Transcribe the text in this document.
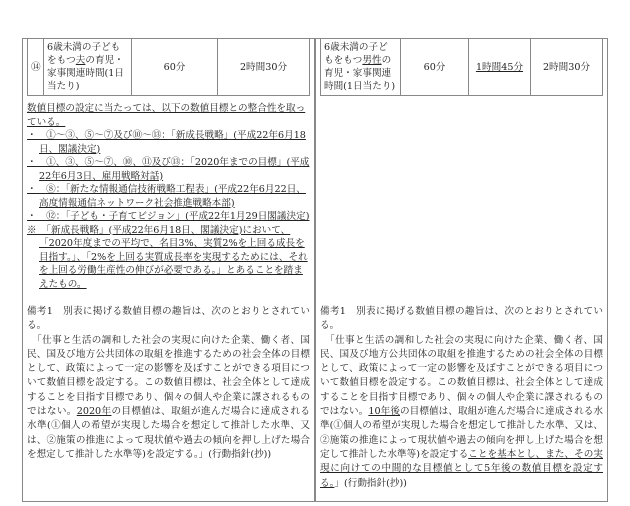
⑭	6歳未満の子どもをもつ夫の育児・家事関連時間(1日当たり)	60分	2時間30分

数値目標の設定に当たっては、以下の数値目標との整合性を取っている。

・　①～③、⑤～⑦及び⑩～⑬：「新成長戦略」(平成22年6月18日、閣議決定)

・　①、③、⑤～⑦、⑩、⑪及び⑬：「2020年までの目標」(平成22年6月3日、雇用戦略対話)

・　⑧：「新たな情報通信技術戦略工程表」(平成22年6月22日、高度情報通信ネットワーク社会推進戦略本部)

・　⑫：「子ども・子育てビジョン」(平成22年1月29日閣議決定)

※　「新成長戦略」(平成22年6月18日、閣議決定)において、「2020年度までの平均で、名目3%、実質2%を上回る成長を目指す。」、「2%を上回る実質成長率を実現するためには、それを上回る労働生産性の伸びが必要である。」とあることを踏まえたもの。

備考1　別表に掲げる数値目標の趣旨は、次のとおりとされている。

　「仕事と生活の調和した社会の実現に向けた企業、働く者、国民、国及び地方公共団体の取組を推進するための社会全体の目標として、政策によって一定の影響を及ぼすことができる項目について数値目標を設定する。この数値目標は、社会全体として達成することを目指す目標であり、個々の個人や企業に課されるものではない。2020年の目標値は、取組が進んだ場合に達成される水準(①個人の希望が実現した場合を想定して推計した水準、又は、②施策の推進によって現状値や過去の傾向を押し上げた場合を想定して推計した水準等)を設定する。」(行動指針(抄))

6歳未満の子どもをもつ男性の育児・家事関連時間(1日当たり)	60分	1時間45分	2時間30分

備考1　別表に掲げる数値目標の趣旨は、次のとおりとされている。

　「仕事と生活の調和した社会の実現に向けた企業、働く者、国民、国及び地方公共団体の取組を推進するための社会全体の目標として、政策によって一定の影響を及ぼすことができる項目について数値目標を設定する。この数値目標は、社会全体として達成することを目指す目標であり、個々の個人や企業に課されるものではない。10年後の目標値は、取組が進んだ場合に達成される水準(①個人の希望が実現した場合を想定して推計した水準、又は、②施策の推進によって現状値や過去の傾向を押し上げた場合を想定して推計した水準等)を設定することを基本とし、また、その実現に向けての中間的な目標値として5年後の数値目標を設定する。」(行動指針(抄))
